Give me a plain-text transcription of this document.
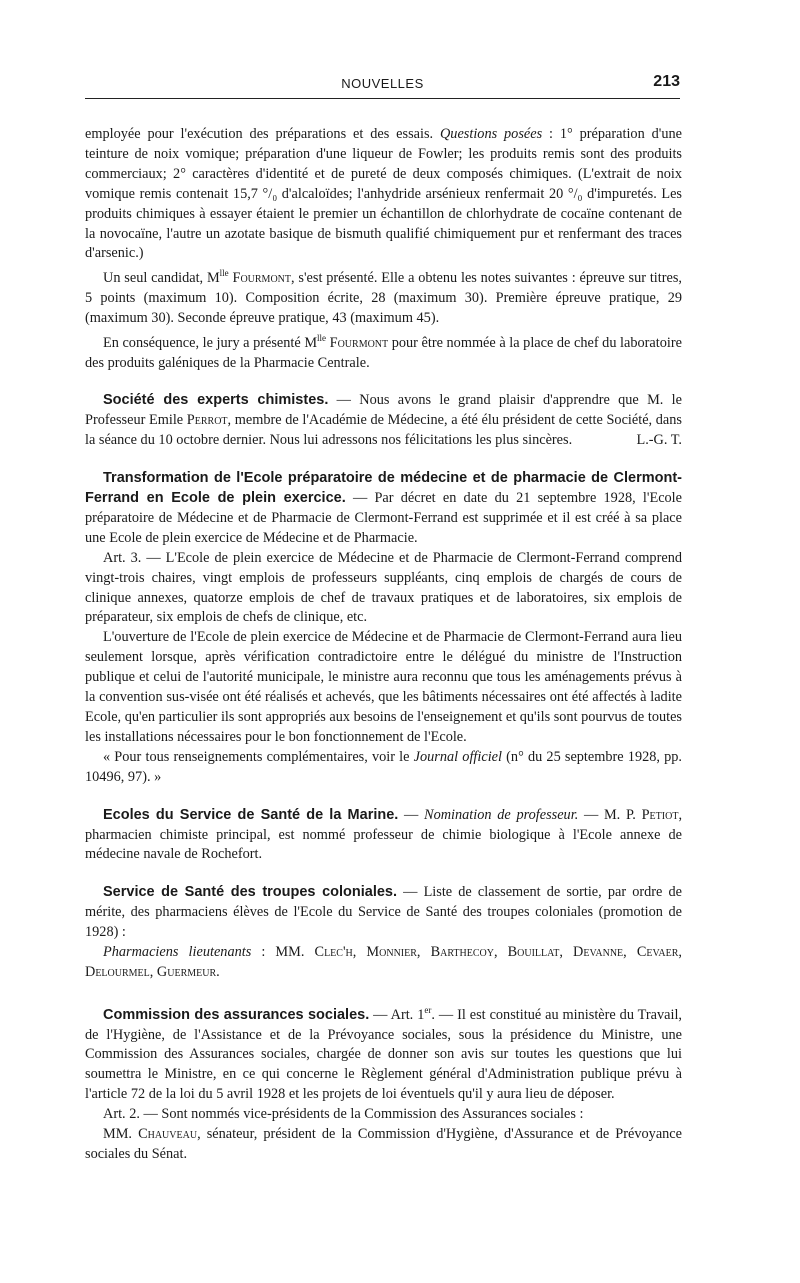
NOUVELLES	213

employée pour l'exécution des préparations et des essais. Questions posées : 1° préparation d'une teinture de noix vomique; préparation d'une liqueur de Fowler; les produits remis sont des produits commerciaux; 2° caractères d'identité et de pureté de deux composés chimiques. (L'extrait de noix vomique remis contenait 15,7 °/₀ d'alcaloïdes; l'anhydride arsénieux renfermait 20 °/₀ d'impuretés. Les produits chimiques à essayer étaient le premier un échantillon de chlorhydrate de cocaïne contenant de la novocaïne, l'autre un azotate basique de bismuth qualifié chimiquement pur et renfermant des traces d'arsenic.)

Un seul candidat, $M^{lle}$ Fourmont, s'est présenté. Elle a obtenu les notes suivantes : épreuve sur titres, 5 points (maximum 10). Composition écrite, 28 (maximum 30). Première épreuve pratique, 29 (maximum 30). Seconde épreuve pratique, 43 (maximum 45).

En conséquence, le jury a présenté $M^{lle}$ Fourmont pour être nommée à la place de chef du laboratoire des produits galéniques de la Pharmacie Centrale.

Société des experts chimistes. — Nous avons le grand plaisir d'apprendre que M. le Professeur Emile Perrot, membre de l'Académie de Médecine, a été élu président de cette Société, dans la séance du 10 octobre dernier. Nous lui adressons nos félicitations les plus sincères.	L.-G. T.

Transformation de l'Ecole préparatoire de médecine et de pharmacie de Clermont-Ferrand en Ecole de plein exercice. — Par décret en date du 21 septembre 1928, l'Ecole préparatoire de Médecine et de Pharmacie de Clermont-Ferrand est supprimée et il est créé à sa place une Ecole de plein exercice de Médecine et de Pharmacie.

Art. 3. — L'Ecole de plein exercice de Médecine et de Pharmacie de Clermont-Ferrand comprend vingt-trois chaires, vingt emplois de professeurs suppléants, cinq emplois de chargés de cours de clinique annexes, quatorze emplois de chef de travaux pratiques et de laboratoires, six emplois de préparateur, six emplois de chefs de clinique, etc.

L'ouverture de l'Ecole de plein exercice de Médecine et de Pharmacie de Clermont-Ferrand aura lieu seulement lorsque, après vérification contradictoire entre le délégué du ministre de l'Instruction publique et celui de l'autorité municipale, le ministre aura reconnu que tous les aménagements prévus à la convention sus-visée ont été réalisés et achevés, que les bâtiments nécessaires ont été affectés à ladite Ecole, qu'en particulier ils sont appropriés aux besoins de l'enseignement et qu'ils sont pourvus de toutes les installations nécessaires pour le bon fonctionnement de l'Ecole.

« Pour tous renseignements complémentaires, voir le Journal officiel (n° du 25 septembre 1928, pp. 10496, 97). »

Ecoles du Service de Santé de la Marine. — Nomination de professeur. — M. P. Petiot, pharmacien chimiste principal, est nommé professeur de chimie biologique à l'Ecole annexe de médecine navale de Rochefort.

Service de Santé des troupes coloniales. — Liste de classement de sortie, par ordre de mérite, des pharmaciens élèves de l'Ecole du Service de Santé des troupes coloniales (promotion de 1928) :

Pharmaciens lieutenants : MM. Clec'h, Monnier, Barthecoy, Bouillat, Devanne, Cevaer, Delourmel, Guermeur.

Commission des assurances sociales. — Art. 1er. — Il est constitué au ministère du Travail, de l'Hygiène, de l'Assistance et de la Prévoyance sociales, sous la présidence du Ministre, une Commission des Assurances sociales, chargée de donner son avis sur toutes les questions que lui soumettra le Ministre, en ce qui concerne le Règlement général d'Administration publique prévu à l'article 72 de la loi du 5 avril 1928 et les projets de loi éventuels qu'il y aura lieu de déposer.

Art. 2. — Sont nommés vice-présidents de la Commission des Assurances sociales :

MM. Chauveau, sénateur, président de la Commission d'Hygiène, d'Assurance et de Prévoyance sociales du Sénat.
